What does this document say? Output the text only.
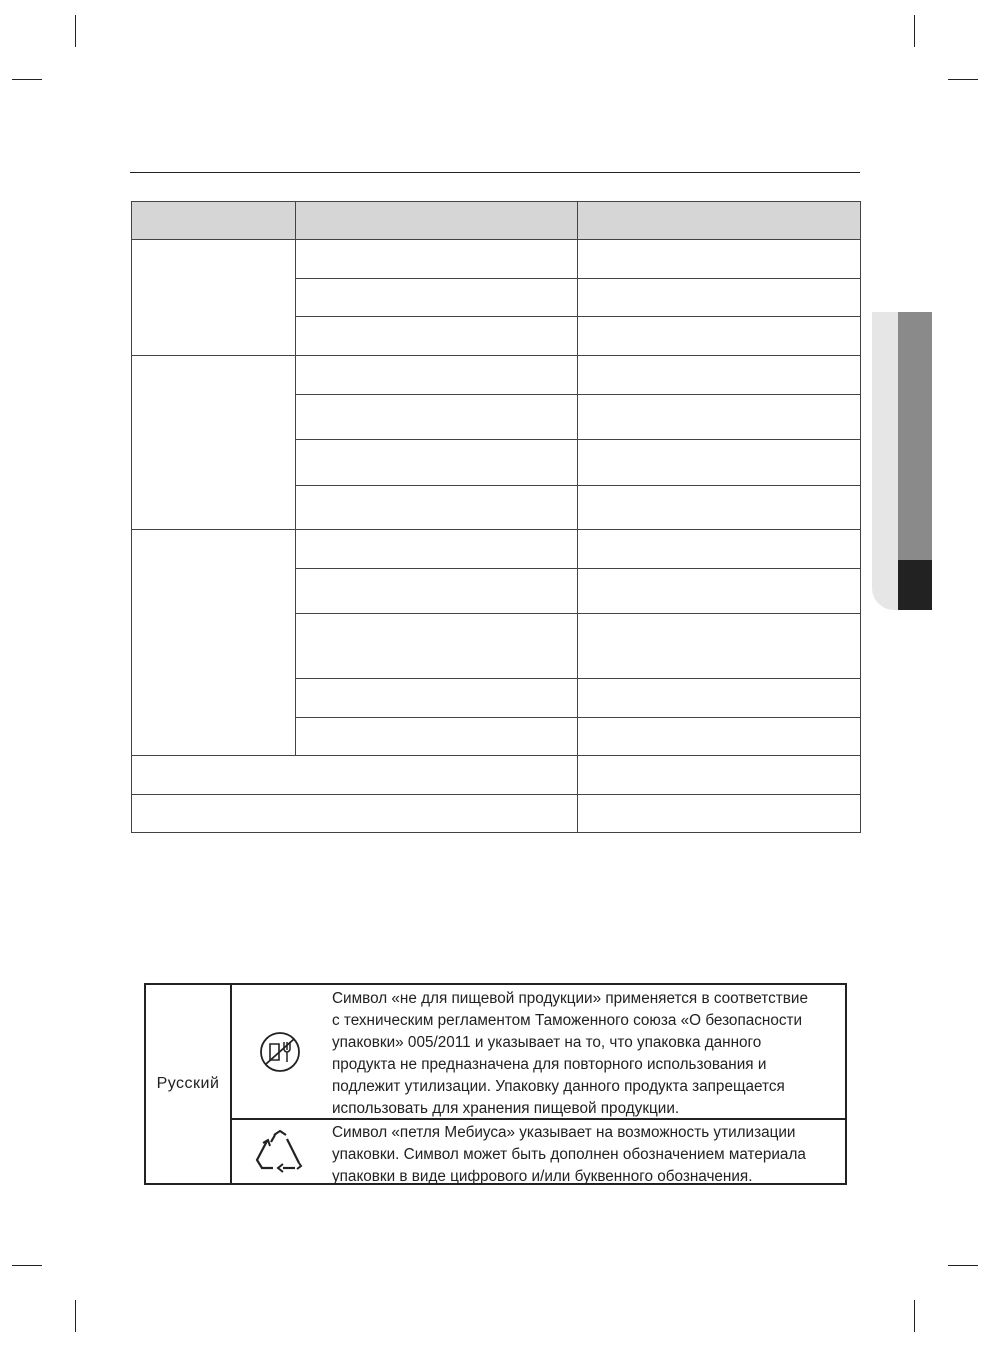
Русский

Символ «не для пищевой продукции» применяется в соответствие

с техническим регламентом Таможенного союза «О безопасности

упаковки» 005/2011 и указывает на то, что упаковка данного

продукта не предназначена для повторного использования и

подлежит утилизации. Упаковку данного продукта запрещается

использовать для хранения пищевой продукции.

Символ «петля Мебиуса» указывает на возможность утилизации

упаковки. Символ может быть дополнен обозначением материала

упаковки в виде цифрового и/или буквенного обозначения.
